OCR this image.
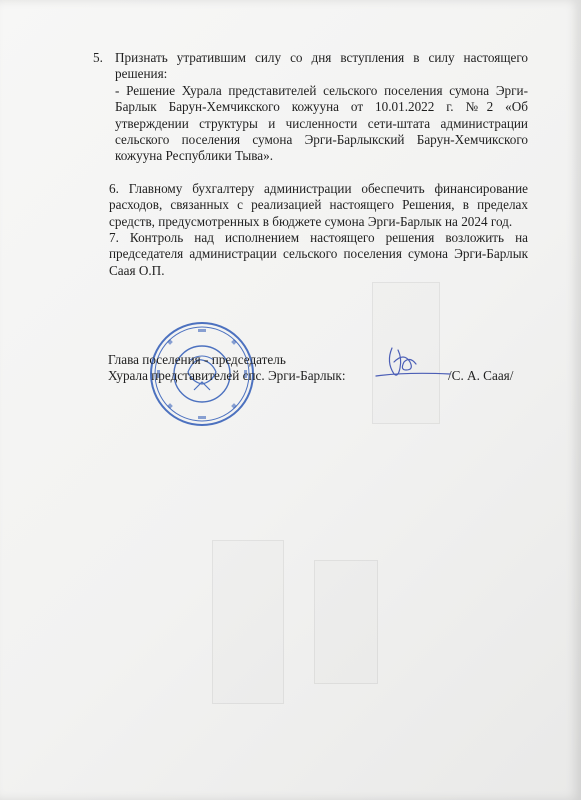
5. Признать утратившим силу со дня вступления в силу настоящего решения:

- Решение Хурала представителей сельского поселения сумона Эрги-Барлык Барун-Хемчикского кожууна от 10.01.2022 г. №2 «Об утверждении структуры и численности сети-штата администрации сельского поселения сумона Эрги-Барлыкский Барун-Хемчикского кожууна Республики Тыва».

6. Главному бухгалтеру администрации обеспечить финансирование расходов, связанных с реализацией настоящего Решения, в пределах средств, предусмотренных в бюджете сумона Эрги-Барлык на 2024 год.

7. Контроль над исполнением настоящего решения возложить на председателя администрации сельского поселения сумона Эрги-Барлык Саая О.П.

Глава поселения - председатель
Хурала представителей спс. Эрги-Барлык:	/С. А. Саая/
